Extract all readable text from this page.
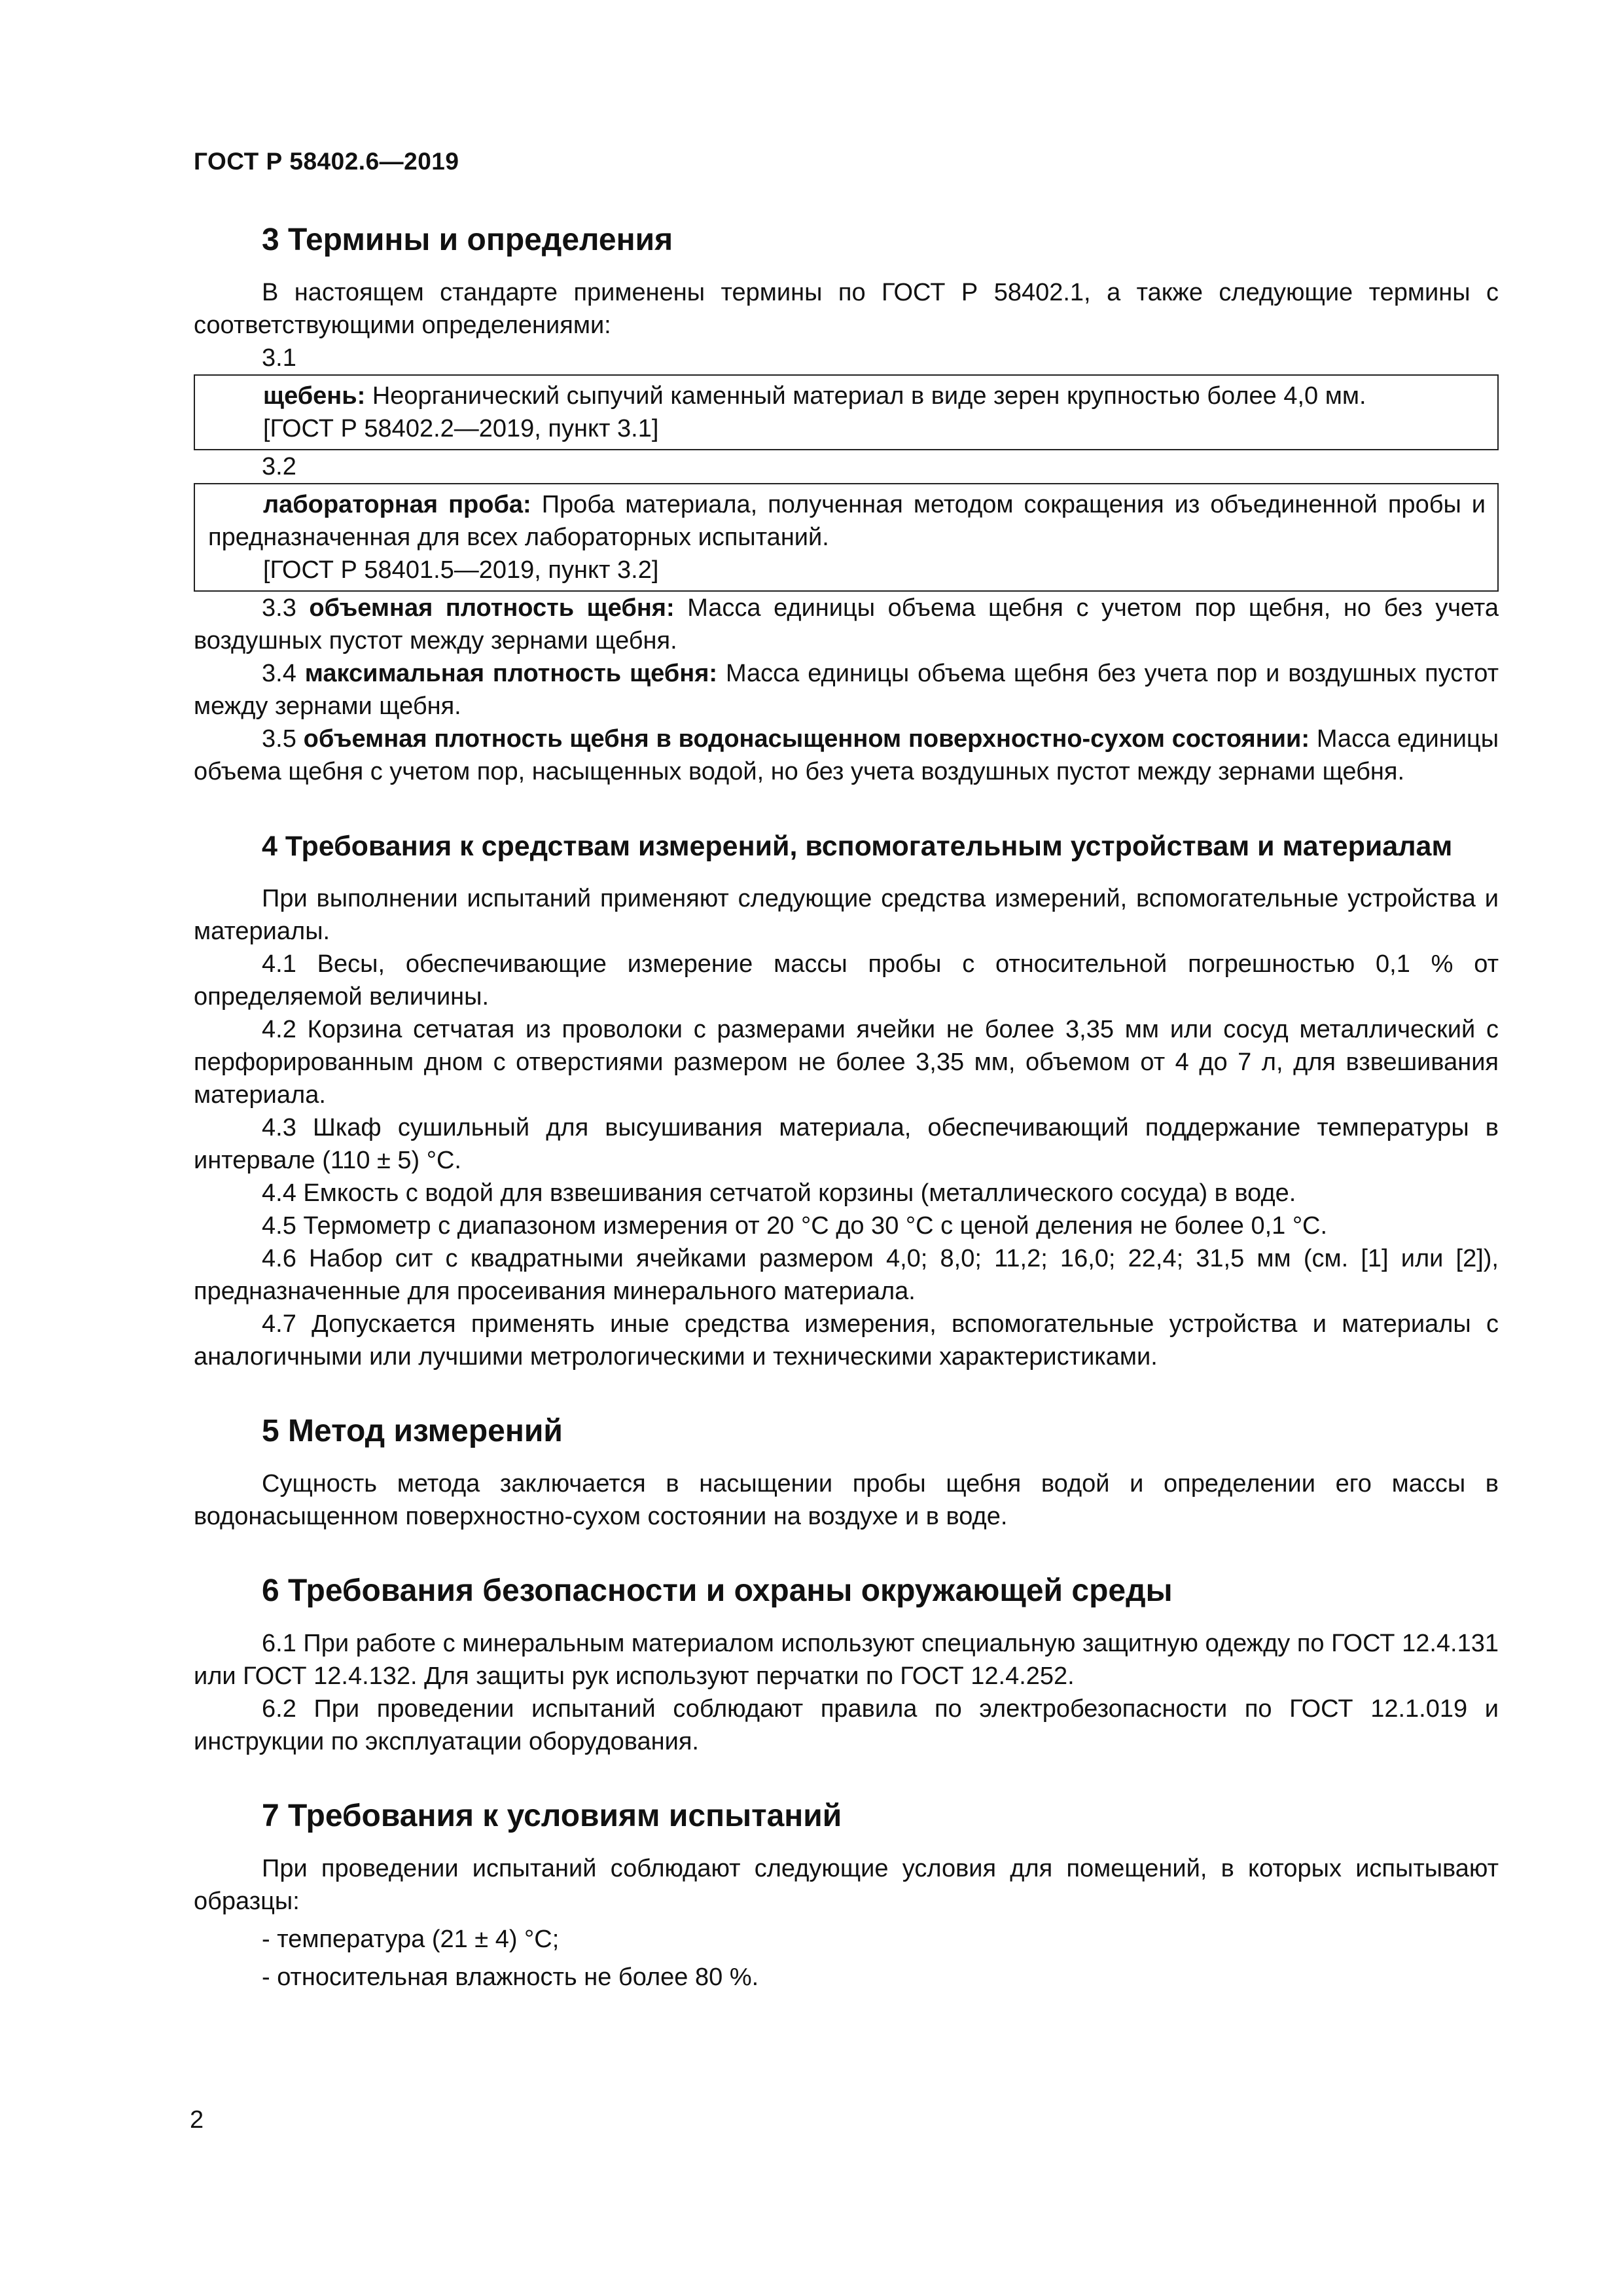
ГОСТ Р 58402.6—2019
3 Термины и определения

В настоящем стандарте применены термины по ГОСТ Р 58402.1, а также следующие термины с соответствующими определениями:

3.1

щебень: Неорганический сыпучий каменный материал в виде зерен крупностью более 4,0 мм.

[ГОСТ Р 58402.2—2019, пункт 3.1]

3.2

лабораторная проба: Проба материала, полученная методом сокращения из объединенной пробы и предназначенная для всех лабораторных испытаний.

[ГОСТ Р 58401.5—2019, пункт 3.2]

3.3 объемная плотность щебня: Масса единицы объема щебня с учетом пор щебня, но без учета воздушных пустот между зернами щебня.

3.4 максимальная плотность щебня: Масса единицы объема щебня без учета пор и воздушных пустот между зернами щебня.

3.5 объемная плотность щебня в водонасыщенном поверхностно-сухом состоянии: Масса единицы объема щебня с учетом пор, насыщенных водой, но без учета воздушных пустот между зернами щебня.

4 Требования к средствам измерений, вспомогательным устройствам и материалам

При выполнении испытаний применяют следующие средства измерений, вспомогательные устройства и материалы.

4.1 Весы, обеспечивающие измерение массы пробы с относительной погрешностью 0,1 % от определяемой величины.

4.2 Корзина сетчатая из проволоки с размерами ячейки не более 3,35 мм или сосуд металлический с перфорированным дном с отверстиями размером не более 3,35 мм, объемом от 4 до 7 л, для взвешивания материала.

4.3 Шкаф сушильный для высушивания материала, обеспечивающий поддержание температуры в интервале (110 ± 5) °С.

4.4 Емкость с водой для взвешивания сетчатой корзины (металлического сосуда) в воде.

4.5 Термометр с диапазоном измерения от 20 °С до 30 °С с ценой деления не более 0,1 °С.

4.6 Набор сит с квадратными ячейками размером 4,0; 8,0; 11,2; 16,0; 22,4; 31,5 мм (см. [1] или [2]), предназначенные для просеивания минерального материала.

4.7 Допускается применять иные средства измерения, вспомогательные устройства и материалы с аналогичными или лучшими метрологическими и техническими характеристиками.

5 Метод измерений

Сущность метода заключается в насыщении пробы щебня водой и определении его массы в водонасыщенном поверхностно-сухом состоянии на воздухе и в воде.

6 Требования безопасности и охраны окружающей среды

6.1 При работе с минеральным материалом используют специальную защитную одежду по ГОСТ 12.4.131 или ГОСТ 12.4.132. Для защиты рук используют перчатки по ГОСТ 12.4.252.

6.2 При проведении испытаний соблюдают правила по электробезопасности по ГОСТ 12.1.019 и инструкции по эксплуатации оборудования.

7 Требования к условиям испытаний

При проведении испытаний соблюдают следующие условия для помещений, в которых испытывают образцы:

- температура (21 ± 4) °С;

- относительная влажность не более 80 %.

2
